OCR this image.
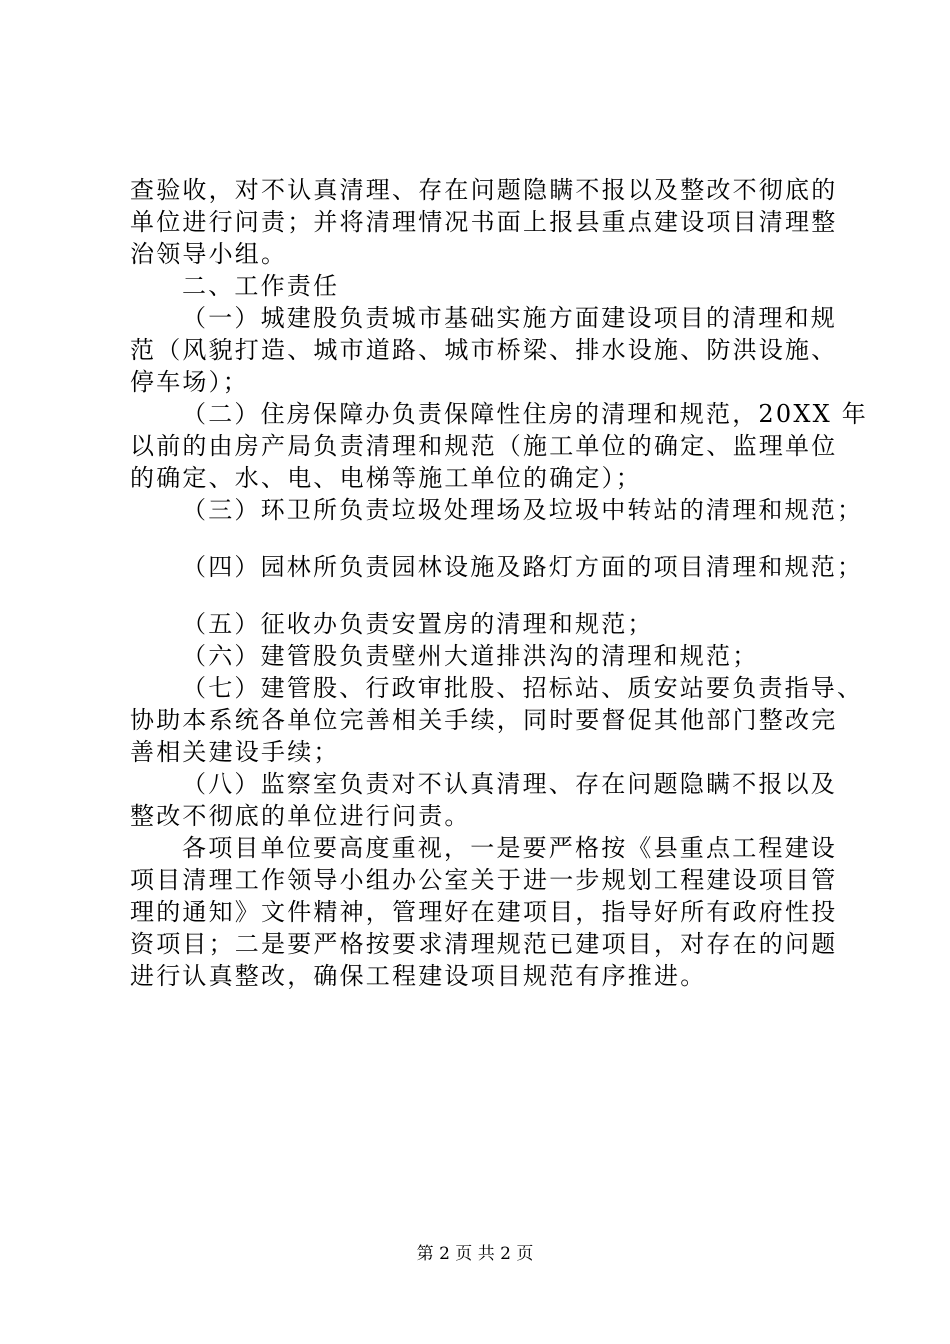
查验收，对不认真清理、存在问题隐瞒不报以及整改不彻底的
单位进行问责；并将清理情况书面上报县重点建设项目清理整
治领导小组。
二、工作责任
（一）城建股负责城市基础实施方面建设项目的清理和规
范（风貌打造、城市道路、城市桥梁、排水设施、防洪设施、
停车场）；
（二）住房保障办负责保障性住房的清理和规范，20XX 年
以前的由房产局负责清理和规范（施工单位的确定、监理单位
的确定、水、电、电梯等施工单位的确定）；
（三）环卫所负责垃圾处理场及垃圾中转站的清理和规范；
（四）园林所负责园林设施及路灯方面的项目清理和规范；
（五）征收办负责安置房的清理和规范；
（六）建管股负责壁州大道排洪沟的清理和规范；
（七）建管股、行政审批股、招标站、质安站要负责指导、
协助本系统各单位完善相关手续，同时要督促其他部门整改完
善相关建设手续；
（八）监察室负责对不认真清理、存在问题隐瞒不报以及
整改不彻底的单位进行问责。
各项目单位要高度重视，一是要严格按《县重点工程建设
项目清理工作领导小组办公室关于进一步规划工程建设项目管
理的通知》文件精神，管理好在建项目，指导好所有政府性投
资项目；二是要严格按要求清理规范已建项目，对存在的问题
进行认真整改，确保工程建设项目规范有序推进。
第 2 页 共 2 页
